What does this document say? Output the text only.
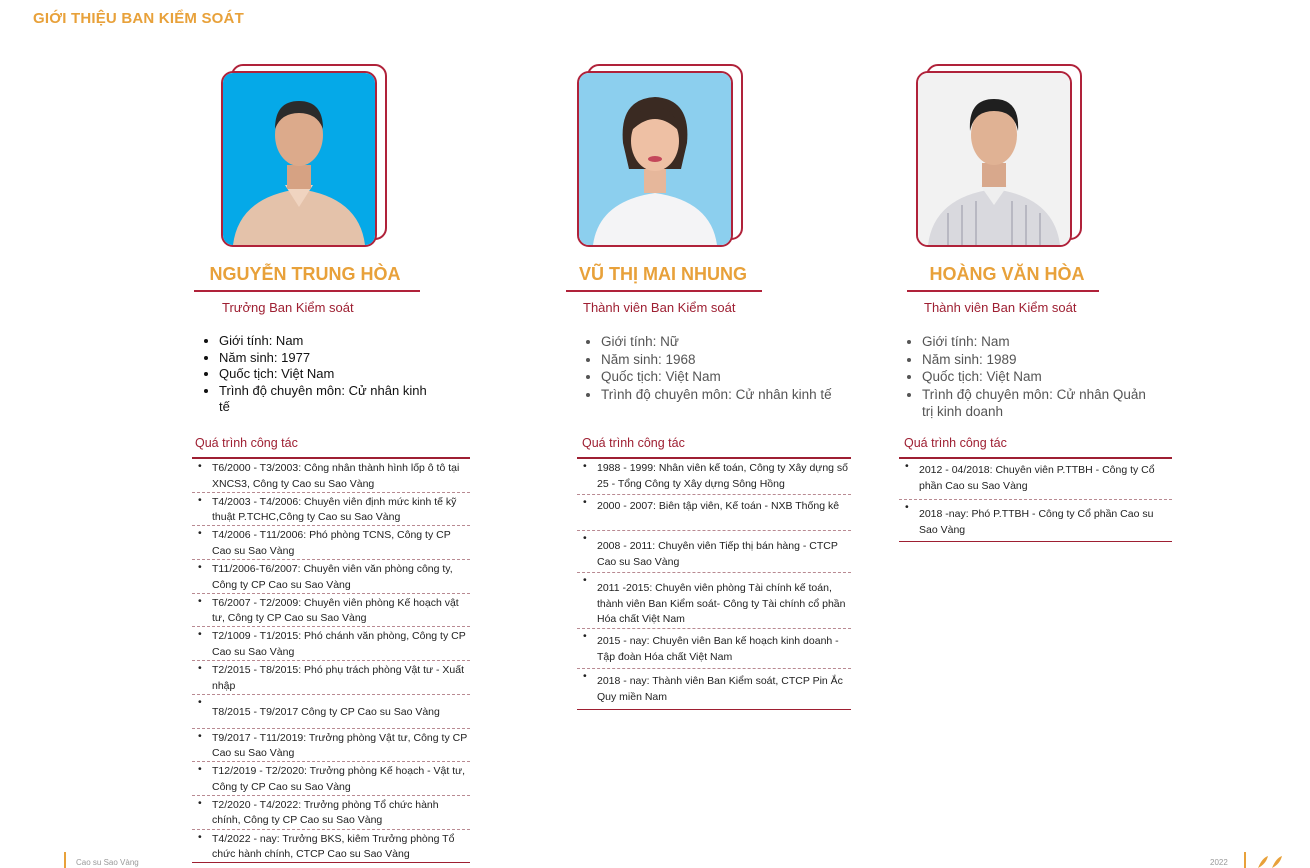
GIỚI THIỆU BAN KIỂM SOÁT
NGUYỄN TRUNG HÒA
Trưởng Ban Kiểm soát
• Giới tính: Nam
• Năm sinh: 1977
• Quốc tịch: Việt Nam
• Trình độ chuyên môn: Cử nhân kinh tế
Quá trình công tác
• T6/2000 - T3/2003: Công nhân thành hình lốp ô tô tại XNCS3, Công ty Cao su Sao Vàng
• T4/2003 - T4/2006: Chuyên viên định mức kinh tế kỹ thuật P.TCHC,Công ty Cao su Sao Vàng
• T4/2006 - T11/2006: Phó phòng TCNS, Công ty CP Cao su Sao Vàng
• T11/2006-T6/2007: Chuyên viên văn phòng công ty, Công ty CP Cao su Sao Vàng
• T6/2007 - T2/2009: Chuyên viên phòng Kế hoạch vật tư, Công ty CP Cao su Sao Vàng
• T2/1009 - T1/2015: Phó chánh văn phòng, Công ty CP Cao su Sao Vàng
• T2/2015 - T8/2015: Phó phụ trách phòng Vật tư - Xuất nhập
• T8/2015 - T9/2017 Công ty CP Cao su Sao Vàng
• T9/2017 - T11/2019: Trưởng phòng Vật tư, Công ty CP Cao su Sao Vàng
• T12/2019 - T2/2020: Trưởng phòng Kế hoạch - Vật tư, Công ty CP Cao su Sao Vàng
• T2/2020 - T4/2022: Trưởng phòng Tổ chức hành chính, Công ty CP Cao su Sao Vàng
• T4/2022 - nay: Trưởng BKS, kiêm Trưởng phòng Tổ chức hành chính, CTCP Cao su Sao Vàng
VŨ THỊ MAI NHUNG
Thành viên Ban Kiểm soát
• Giới tính: Nữ
• Năm sinh: 1968
• Quốc tịch: Việt Nam
• Trình độ chuyên môn: Cử nhân kinh tế
Quá trình công tác
• 1988 - 1999: Nhân viên kế toán, Công ty Xây dựng số 25 - Tổng Công ty Xây dựng Sông Hồng
• 2000 - 2007: Biên tập viên, Kế toán - NXB Thống kê
• 2008 - 2011: Chuyên viên Tiếp thị bán hàng - CTCP Cao su Sao Vàng
• 2011 -2015: Chuyên viên phòng Tài chính kế toán, thành viên Ban Kiểm soát- Công ty Tài chính cổ phần Hóa chất Việt Nam
• 2015 - nay: Chuyên viên Ban kế hoạch kinh doanh - Tập đoàn Hóa chất Việt Nam
• 2018 - nay: Thành viên Ban Kiểm soát, CTCP Pin Ắc Quy miền Nam
HOÀNG VĂN HÒA
Thành viên Ban Kiểm soát
• Giới tính: Nam
• Năm sinh: 1989
• Quốc tịch: Việt Nam
• Trình độ chuyên môn: Cử nhân Quản trị kinh doanh
Quá trình công tác
• 2012 - 04/2018: Chuyên viên P.TTBH - Công ty Cổ phần Cao su Sao Vàng
• 2018 -nay: Phó P.TTBH - Công ty Cổ phần Cao su Sao Vàng
Cao su Sao Vàng	2022
